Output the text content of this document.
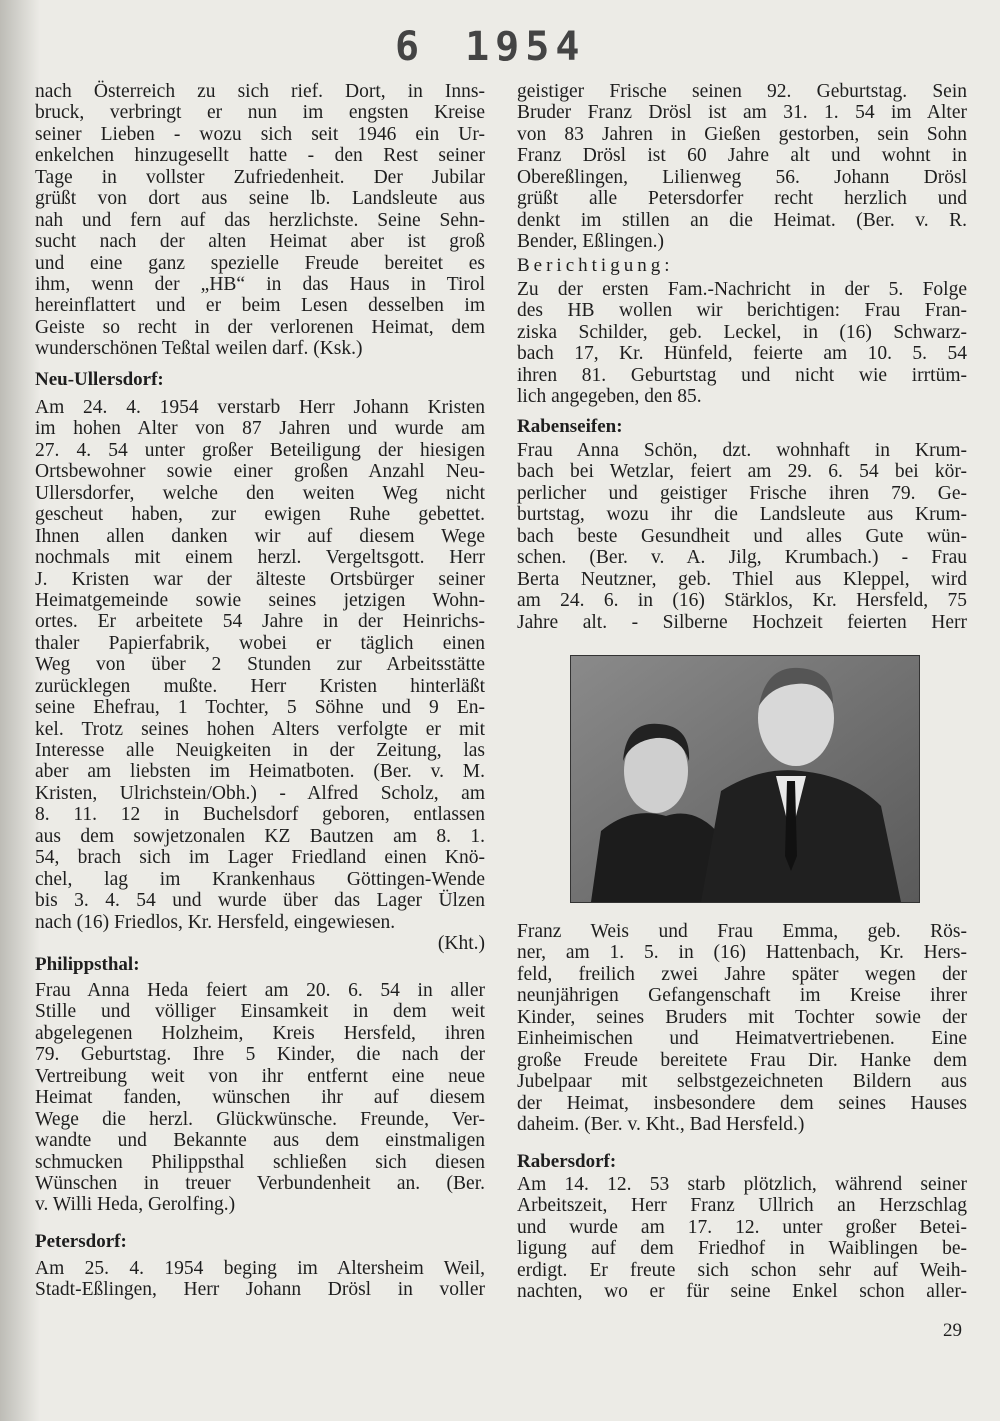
6 1954
nach Österreich zu sich rief. Dort, in Inns-
bruck, verbringt er nun im engsten Kreise
seiner Lieben - wozu sich seit 1946 ein Ur-
enkelchen hinzugesellt hatte - den Rest seiner
Tage in vollster Zufriedenheit. Der Jubilar
grüßt von dort aus seine lb. Landsleute aus
nah und fern auf das herzlichste. Seine Sehn-
sucht nach der alten Heimat aber ist groß
und eine ganz spezielle Freude bereitet es
ihm, wenn der „HB“ in das Haus in Tirol
hereinflattert und er beim Lesen desselben im
Geiste so recht in der verlorenen Heimat, dem
wunderschönen Teßtal weilen darf. (Ksk.)
Neu-Ullersdorf:
Am 24. 4. 1954 verstarb Herr Johann Kristen
im hohen Alter von 87 Jahren und wurde am
27. 4. 54 unter großer Beteiligung der hiesigen
Ortsbewohner sowie einer großen Anzahl Neu-
Ullersdorfer, welche den weiten Weg nicht
gescheut haben, zur ewigen Ruhe gebettet.
Ihnen allen danken wir auf diesem Wege
nochmals mit einem herzl. Vergeltsgott. Herr
J. Kristen war der älteste Ortsbürger seiner
Heimatgemeinde sowie seines jetzigen Wohn-
ortes. Er arbeitete 54 Jahre in der Heinrichs-
thaler Papierfabrik, wobei er täglich einen
Weg von über 2 Stunden zur Arbeitsstätte
zurücklegen mußte. Herr Kristen hinterläßt
seine Ehefrau, 1 Tochter, 5 Söhne und 9 En-
kel. Trotz seines hohen Alters verfolgte er mit
Interesse alle Neuigkeiten in der Zeitung, las
aber am liebsten im Heimatboten. (Ber. v. M.
Kristen, Ulrichstein/Obh.) - Alfred Scholz, am
8. 11. 12 in Buchelsdorf geboren, entlassen
aus dem sowjetzonalen KZ Bautzen am 8. 1.
54, brach sich im Lager Friedland einen Knö-
chel, lag im Krankenhaus Göttingen-Wende
bis 3. 4. 54 und wurde über das Lager Ülzen
nach (16) Friedlos, Kr. Hersfeld, eingewiesen.
(Kht.)
Philippsthal:
Frau Anna Heda feiert am 20. 6. 54 in aller
Stille und völliger Einsamkeit in dem weit
abgelegenen Holzheim, Kreis Hersfeld, ihren
79. Geburtstag. Ihre 5 Kinder, die nach der
Vertreibung weit von ihr entfernt eine neue
Heimat fanden, wünschen ihr auf diesem
Wege die herzl. Glückwünsche. Freunde, Ver-
wandte und Bekannte aus dem einstmaligen
schmucken Philippsthal schließen sich diesen
Wünschen in treuer Verbundenheit an. (Ber.
v. Willi Heda, Gerolfing.)
Petersdorf:
Am 25. 4. 1954 beging im Altersheim Weil,
Stadt-Eßlingen, Herr Johann Drösl in voller
geistiger Frische seinen 92. Geburtstag. Sein
Bruder Franz Drösl ist am 31. 1. 54 im Alter
von 83 Jahren in Gießen gestorben, sein Sohn
Franz Drösl ist 60 Jahre alt und wohnt in
Obereßlingen, Lilienweg 56. Johann Drösl
grüßt alle Petersdorfer recht herzlich und
denkt im stillen an die Heimat. (Ber. v. R.
Bender, Eßlingen.)
Berichtigung:
Zu der ersten Fam.-Nachricht in der 5. Folge
des HB wollen wir berichtigen: Frau Fran-
ziska Schilder, geb. Leckel, in (16) Schwarz-
bach 17, Kr. Hünfeld, feierte am 10. 5. 54
ihren 81. Geburtstag und nicht wie irrtüm-
lich angegeben, den 85.
Rabenseifen:
Frau Anna Schön, dzt. wohnhaft in Krum-
bach bei Wetzlar, feiert am 29. 6. 54 bei kör-
perlicher und geistiger Frische ihren 79. Ge-
burtstag, wozu ihr die Landsleute aus Krum-
bach beste Gesundheit und alles Gute wün-
schen. (Ber. v. A. Jilg, Krumbach.) - Frau
Berta Neutzner, geb. Thiel aus Kleppel, wird
am 24. 6. in (16) Stärklos, Kr. Hersfeld, 75
Jahre alt. - Silberne Hochzeit feierten Herr
Franz Weis und Frau Emma, geb. Rös-
ner, am 1. 5. in (16) Hattenbach, Kr. Hers-
feld, freilich zwei Jahre später wegen der
neunjährigen Gefangenschaft im Kreise ihrer
Kinder, seines Bruders mit Tochter sowie der
Einheimischen und Heimatvertriebenen. Eine
große Freude bereitete Frau Dir. Hanke dem
Jubelpaar mit selbstgezeichneten Bildern aus
der Heimat, insbesondere dem seines Hauses
daheim. (Ber. v. Kht., Bad Hersfeld.)
Rabersdorf:
Am 14. 12. 53 starb plötzlich, während seiner
Arbeitszeit, Herr Franz Ullrich an Herzschlag
und wurde am 17. 12. unter großer Betei-
ligung auf dem Friedhof in Waiblingen be-
erdigt. Er freute sich schon sehr auf Weih-
nachten, wo er für seine Enkel schon aller-
29
